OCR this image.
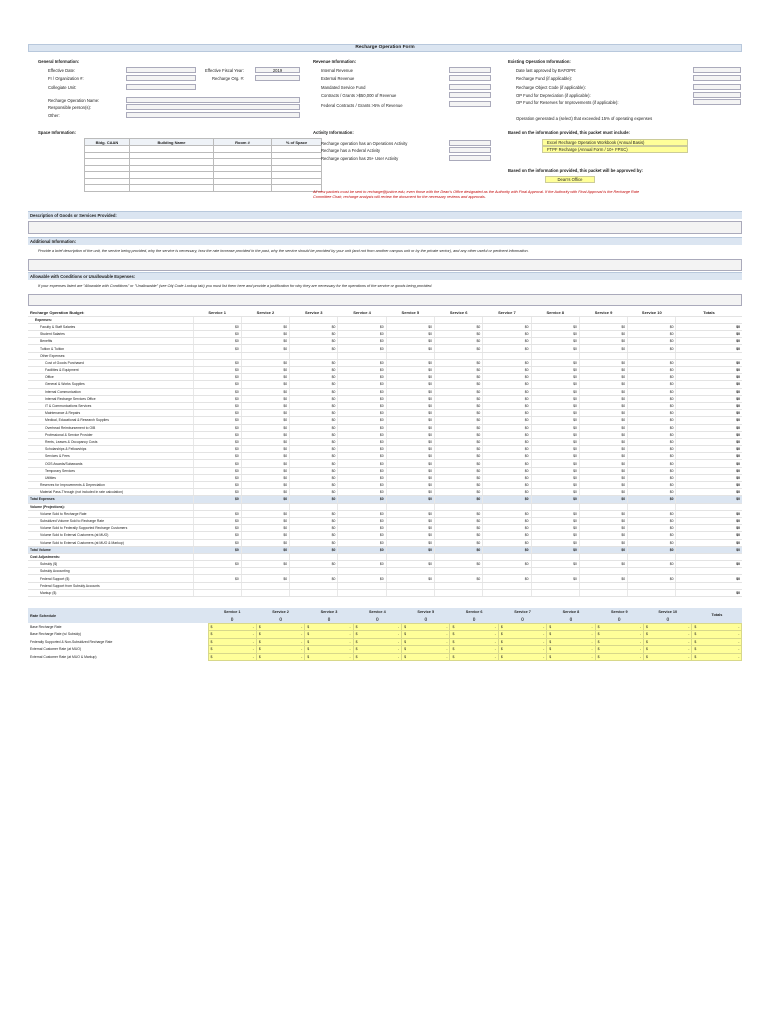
Recharge Operation Form
General Information:
Effective Date:
FI / Organization #:
Collegiate Unit:
Effective Fiscal Year:	2019
Recharge Org. #:
Recharge Operation Name:
Responsible person(s):
Other:
Revenue Information:
Internal Revenue
External Revenue
Mandated Service Fund
Contracts / Grants >$50,000 of Revenue
Federal Contracts / Grants >5% of Revenue
Existing Operation Information:
Date last approved by BAFOPR:
Recharge Fund (if applicable):
Recharge Object Code (if applicable):
OP Fund for Depreciation (if applicable):
OP Fund for Reserves for Improvements (if applicable):
Operation generated a (select) that exceeded 15% of operating expenses
Space Information:
Bldg. CAAN	Building Name	Room #	% of Space

Activity Information:
Recharge operation has an Operations Activity
Recharge has a Federal Activity
Recharge operation has 25+ User Activity
Based on the information provided, this packet must include:
Excel Recharge Operation Workbook (Annual Basis)
FTPF Recharge (Annual Form / 10+ FPSC)
Based on the information provided, this packet will be approved by:
Dean's Office
All new packets must be sent to recharge@justice.edu, even those with the Dean's Office designated as the Authority with Final Approval. If the Authority with Final Approval is the Recharge Rate
Committee Chair, recharge analysts will review the document for the necessary reviews and approvals.
Description of Goods or Services Provided:
Additional Information:
Provide a brief description of the unit, the service being provided, why the service is necessary, how the rate increase provided in the past, why the service should be provided by your unit (and not from another campus unit or by the private sector), and any other useful or pertinent information.
Allowable with Conditions or Unallowable Expenses:
If your expenses listed are "Allowable with Conditions" or "Unallowable" (see Obj Code Lookup tab) you must list them here and provide a justification for why they are necessary for the operations of the service or goods being provided.
Recharge Operation Budget:	Service 1	Service 2	Service 3	Service 4	Service 5	Service 6	Service 7	Service 8	Service 9	Service 10	Totals
Expenses:											
Faculty & Staff Salaries	$0	$0	$0	$0	$0	$0	$0	$0	$0	$0	$0
Student Salaries	$0	$0	$0	$0	$0	$0	$0	$0	$0	$0	$0
Benefits	$0	$0	$0	$0	$0	$0	$0	$0	$0	$0	$0
Tuition & Tuition	$0	$0	$0	$0	$0	$0	$0	$0	$0	$0	$0
Other Expenses:											
Cost of Goods Purchased	$0	$0	$0	$0	$0	$0	$0	$0	$0	$0	$0
Facilities & Equipment	$0	$0	$0	$0	$0	$0	$0	$0	$0	$0	$0
Office	$0	$0	$0	$0	$0	$0	$0	$0	$0	$0	$0
General & Works Supplies	$0	$0	$0	$0	$0	$0	$0	$0	$0	$0	$0
Internal Communication	$0	$0	$0	$0	$0	$0	$0	$0	$0	$0	$0
Internal Recharge Services Office	$0	$0	$0	$0	$0	$0	$0	$0	$0	$0	$0
IT & Communications Services	$0	$0	$0	$0	$0	$0	$0	$0	$0	$0	$0
Maintenance & Repairs	$0	$0	$0	$0	$0	$0	$0	$0	$0	$0	$0
Medical, Educational & Research Supplies	$0	$0	$0	$0	$0	$0	$0	$0	$0	$0	$0
Overhead Reimbursement to OIB	$0	$0	$0	$0	$0	$0	$0	$0	$0	$0	$0
Professional & Service Provider	$0	$0	$0	$0	$0	$0	$0	$0	$0	$0	$0
Rents, Leases & Occupancy Costs	$0	$0	$0	$0	$0	$0	$0	$0	$0	$0	$0
Scholarships & Fellowships	$0	$0	$0	$0	$0	$0	$0	$0	$0	$0	$0
Services & Fees	$0	$0	$0	$0	$0	$0	$0	$0	$0	$0	$0
OOS Awards/Subawards	$0	$0	$0	$0	$0	$0	$0	$0	$0	$0	$0
Temporary Services	$0	$0	$0	$0	$0	$0	$0	$0	$0	$0	$0
Utilities	$0	$0	$0	$0	$0	$0	$0	$0	$0	$0	$0
Reserves for Improvements & Depreciation	$0	$0	$0	$0	$0	$0	$0	$0	$0	$0	$0
Material Pass-Through (not included in rate calculation)	$0	$0	$0	$0	$0	$0	$0	$0	$0	$0	$0
Total Expenses	$0	$0	$0	$0	$0	$0	$0	$0	$0	$0	$0
Volume (Projections):											
Volume Sold to Recharge Rate	$0	$0	$0	$0	$0	$0	$0	$0	$0	$0	$0
Subsidized Volume Sold to Recharge Rate	$0	$0	$0	$0	$0	$0	$0	$0	$0	$0	$0
Volume Sold to Federally Supported Recharge Customers	$0	$0	$0	$0	$0	$0	$0	$0	$0	$0	$0
Volume Sold to External Customers (at MUO)	$0	$0	$0	$0	$0	$0	$0	$0	$0	$0	$0
Volume Sold to External Customers (at MUO & Markup)	$0	$0	$0	$0	$0	$0	$0	$0	$0	$0	$0
Total Volume	$0	$0	$0	$0	$0	$0	$0	$0	$0	$0	$0
Cost Adjustments:											
Subsidy ($)	$0	$0	$0	$0	$0	$0	$0	$0	$0	$0	$0
Subsidy Accounting											
Federal Support ($)	$0	$0	$0	$0	$0	$0	$0	$0	$0	$0	$0
Federal Support from Subsidy Accounts											
Markup ($)											$0
Rate Schedule	Service 1	Service 2	Service 3	Service 4	Service 5	Service 6	Service 7	Service 8	Service 9	Service 10	Totals
	()	()	()	()	()	()	()	()	()	()	
Base Recharge Rate	$ -	$ -	$ -	$ -	$ -	$ -	$ -	$ -	$ -	$ -	$ -

Base Recharge Rate (w/ Subsidy)	$ -	$ -	$ -	$ -	$ -	$ -	$ -	$ -	$ -	$ -	$ -

Federally Supported & Non-Subsidized Recharge Rate	$ -	$ -	$ -	$ -	$ -	$ -	$ -	$ -	$ -	$ -	$ -

External Customer Rate (at MUO)	$ -	$ -	$ -	$ -	$ -	$ -	$ -	$ -	$ -	$ -	$ -

External Customer Rate (at MUO & Markup)	$ -	$ -	$ -	$ -	$ -	$ -	$ -	$ -	$ -	$ -	$ -
